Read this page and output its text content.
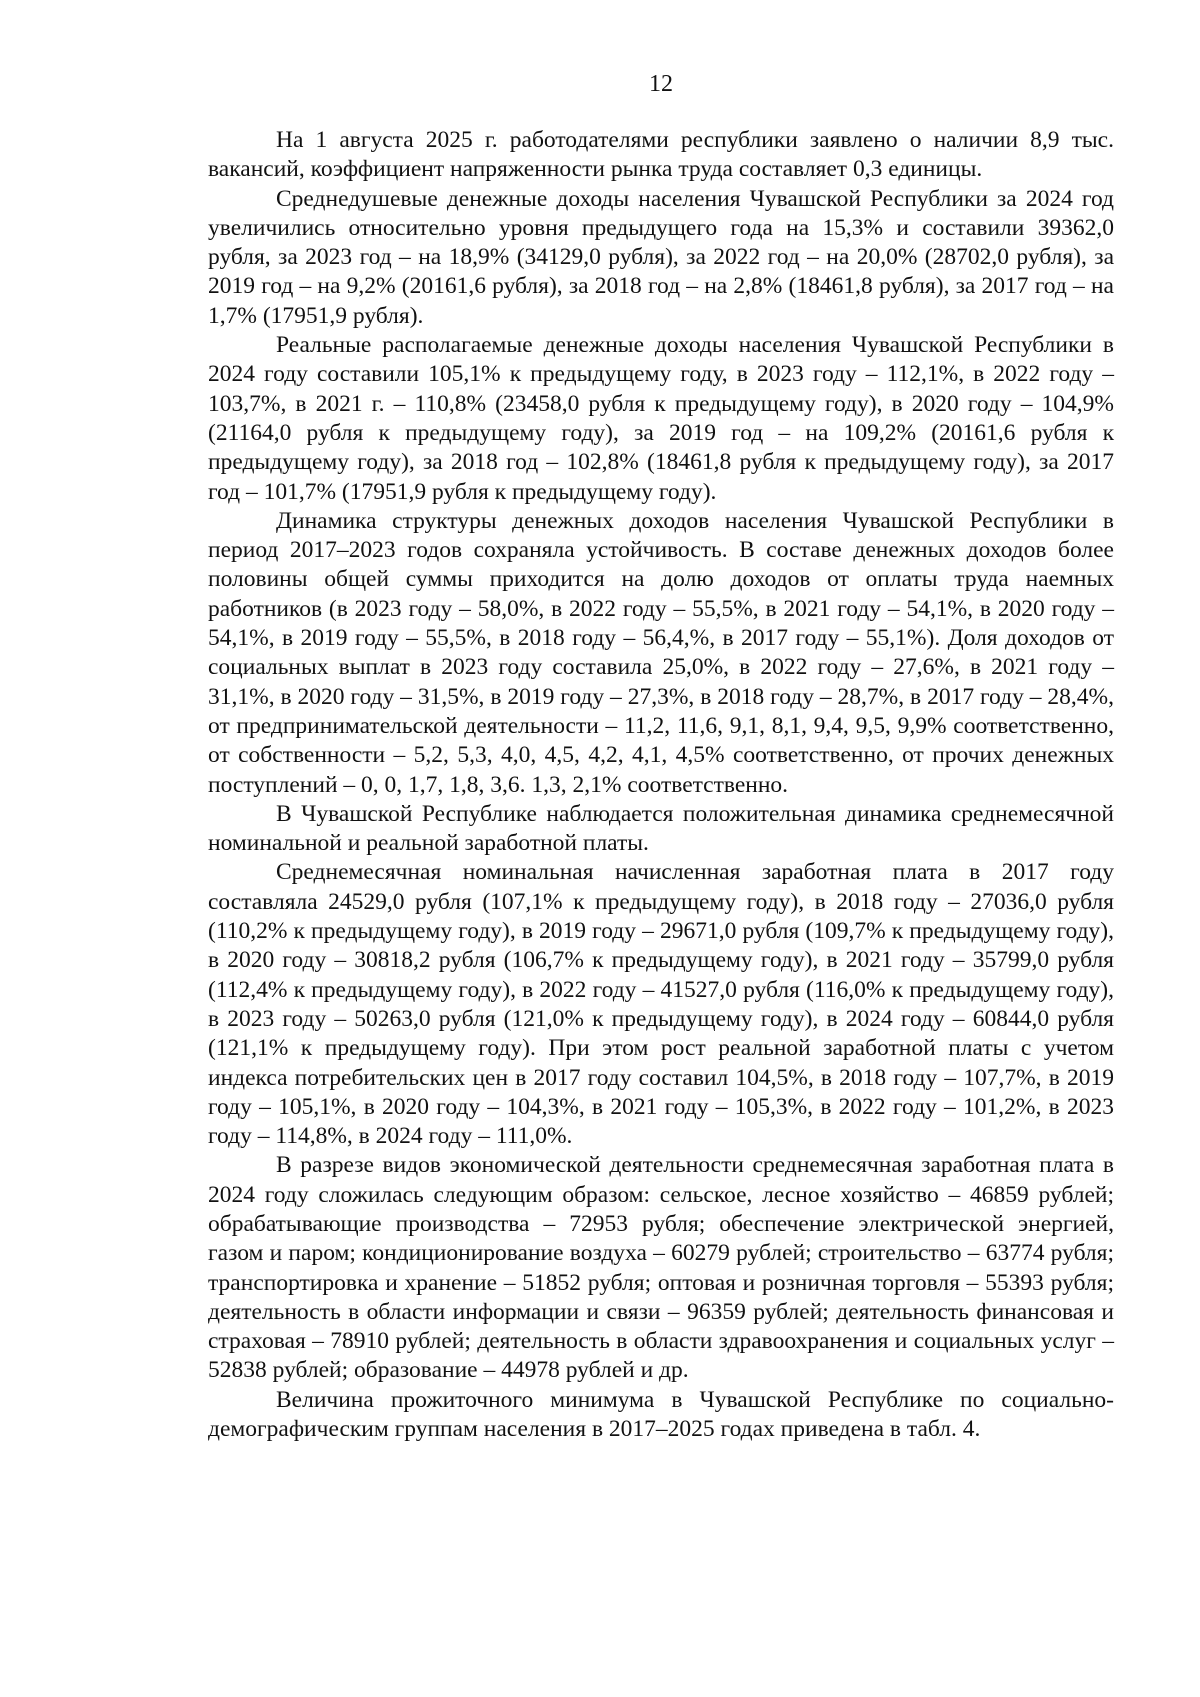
12

На 1 августа 2025 г. работодателями республики заявлено о наличии 8,9 тыс. вакансий, коэффициент напряженности рынка труда составляет 0,3 единицы.

Среднедушевые денежные доходы населения Чувашской Республики за 2024 год увеличились относительно уровня предыдущего года на 15,3% и составили 39362,0 рубля, за 2023 год – на 18,9% (34129,0 рубля), за 2022 год – на 20,0% (28702,0 рубля), за 2019 год – на 9,2% (20161,6 рубля), за 2018 год – на 2,8% (18461,8 рубля), за 2017 год – на 1,7% (17951,9 рубля).

Реальные располагаемые денежные доходы населения Чувашской Республики в 2024 году составили 105,1% к предыдущему году, в 2023 году – 112,1%, в 2022 году – 103,7%, в 2021 г. – 110,8% (23458,0 рубля к предыдущему году), в 2020 году – 104,9% (21164,0 рубля к предыдущему году), за 2019 год – на 109,2% (20161,6 рубля к предыдущему году), за 2018 год – 102,8% (18461,8 рубля к предыдущему году), за 2017 год – 101,7% (17951,9 рубля к предыдущему году).

Динамика структуры денежных доходов населения Чувашской Республики в период 2017–2023 годов сохраняла устойчивость. В составе денежных доходов более половины общей суммы приходится на долю доходов от оплаты труда наемных работников (в 2023 году – 58,0%, в 2022 году – 55,5%, в 2021 году – 54,1%, в 2020 году – 54,1%, в 2019 году – 55,5%, в 2018 году – 56,4,%, в 2017 году – 55,1%). Доля доходов от социальных выплат в 2023 году составила 25,0%, в 2022 году – 27,6%, в 2021 году – 31,1%, в 2020 году – 31,5%, в 2019 году – 27,3%, в 2018 году – 28,7%, в 2017 году – 28,4%, от предпринимательской деятельности – 11,2, 11,6, 9,1, 8,1, 9,4, 9,5, 9,9% соответственно, от собственности – 5,2, 5,3, 4,0, 4,5, 4,2, 4,1, 4,5% соответственно, от прочих денежных поступлений – 0, 0, 1,7, 1,8, 3,6. 1,3, 2,1% соответственно.

В Чувашской Республике наблюдается положительная динамика среднемесячной номинальной и реальной заработной платы.

Среднемесячная номинальная начисленная заработная плата в 2017 году составляла 24529,0 рубля (107,1% к предыдущему году), в 2018 году – 27036,0 рубля (110,2% к предыдущему году), в 2019 году – 29671,0 рубля (109,7% к предыдущему году), в 2020 году – 30818,2 рубля (106,7% к предыдущему году), в 2021 году – 35799,0 рубля (112,4% к предыдущему году), в 2022 году – 41527,0 рубля (116,0% к предыдущему году), в 2023 году – 50263,0 рубля (121,0% к предыдущему году), в 2024 году – 60844,0 рубля (121,1% к предыдущему году). При этом рост реальной заработной платы с учетом индекса потребительских цен в 2017 году составил 104,5%, в 2018 году – 107,7%, в 2019 году – 105,1%, в 2020 году – 104,3%, в 2021 году – 105,3%, в 2022 году – 101,2%, в 2023 году – 114,8%, в 2024 году – 111,0%.

В разрезе видов экономической деятельности среднемесячная заработная плата в 2024 году сложилась следующим образом: сельское, лесное хозяйство – 46859 рублей; обрабатывающие производства – 72953 рубля; обеспечение электрической энергией, газом и паром; кондиционирование воздуха – 60279 рублей; строительство – 63774 рубля; транспортировка и хранение – 51852 рубля; оптовая и розничная торговля – 55393 рубля; деятельность в области информации и связи – 96359 рублей; деятельность финансовая и страховая – 78910 рублей; деятельность в области здравоохранения и социальных услуг – 52838 рублей; образование – 44978 рублей и др.

Величина прожиточного минимума в Чувашской Республике по социально-демографическим группам населения в 2017–2025 годах приведена в табл. 4.
